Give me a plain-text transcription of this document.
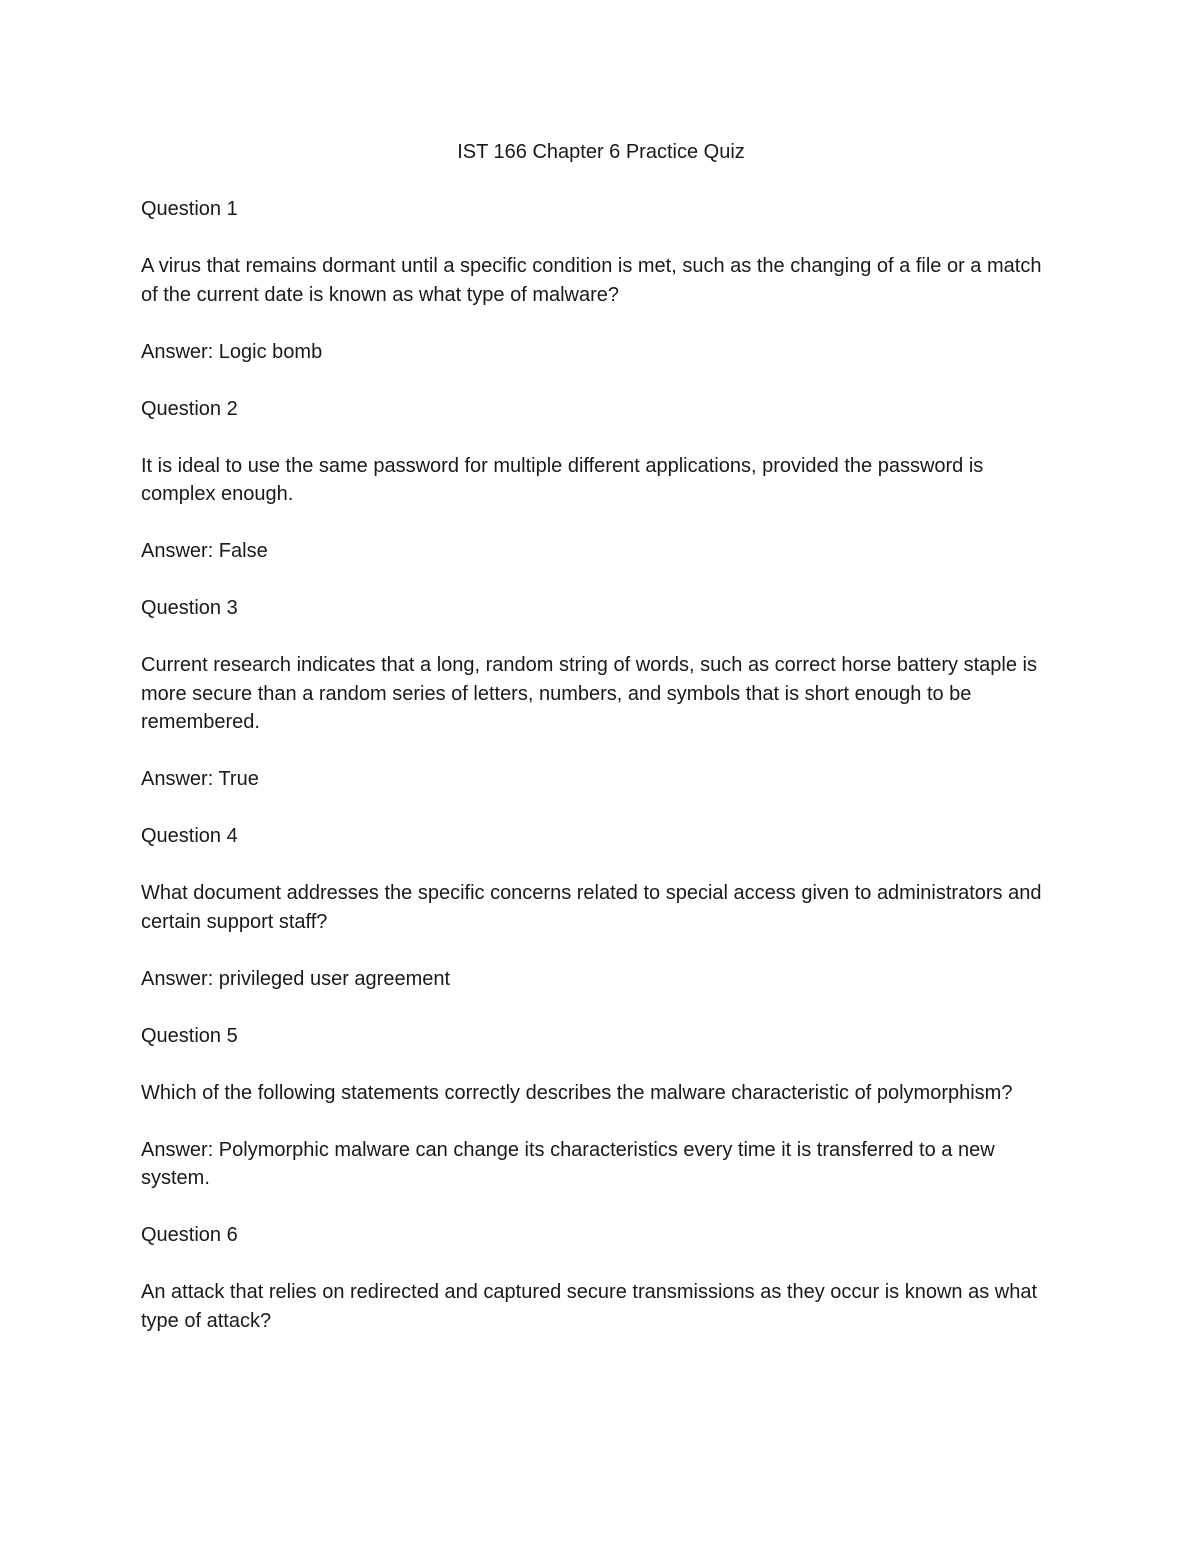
IST 166 Chapter 6 Practice Quiz

Question 1

A virus that remains dormant until a specific condition is met, such as the changing of a file or a match of the current date is known as what type of malware?

Answer: Logic bomb

Question 2

It is ideal to use the same password for multiple different applications, provided the password is complex enough.

Answer: False

Question 3

Current research indicates that a long, random string of words, such as correct horse battery staple is more secure than a random series of letters, numbers, and symbols that is short enough to be remembered.

Answer: True

Question 4

What document addresses the specific concerns related to special access given to administrators and certain support staff?

Answer: privileged user agreement

Question 5

Which of the following statements correctly describes the malware characteristic of polymorphism?

Answer: Polymorphic malware can change its characteristics every time it is transferred to a new system.

Question 6

An attack that relies on redirected and captured secure transmissions as they occur is known as what type of attack?
